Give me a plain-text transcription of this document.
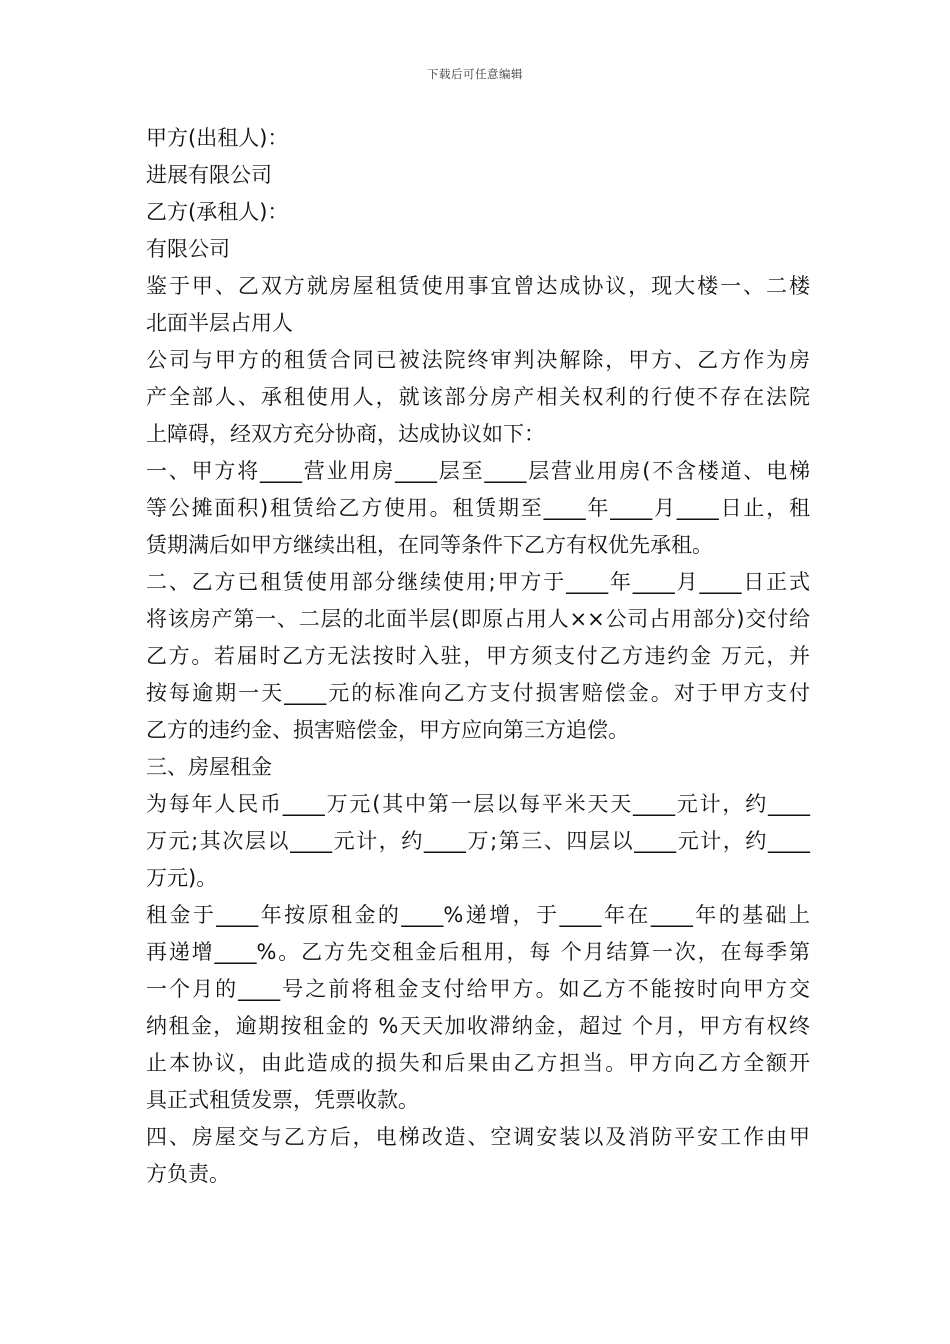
下载后可任意编辑
甲方(出租人)：
进展有限公司
乙方(承租人)：
有限公司
鉴于甲、乙双方就房屋租赁使用事宜曾达成协议，现大楼一、二楼
北面半层占用人
公司与甲方的租赁合同已被法院终审判决解除，甲方、乙方作为房
产全部人、承租使用人，就该部分房产相关权利的行使不存在法院
上障碍，经双方充分协商，达成协议如下：
一、甲方将____营业用房____层至____层营业用房(不含楼道、电梯
等公摊面积)租赁给乙方使用。租赁期至____年____月____日止，租
赁期满后如甲方继续出租，在同等条件下乙方有权优先承租。
二、乙方已租赁使用部分继续使用;甲方于____年____月____日正式
将该房产第一、二层的北面半层(即原占用人××公司占用部分)交付给
乙方。若届时乙方无法按时入驻，甲方须支付乙方违约金 万元，并
按每逾期一天____元的标准向乙方支付损害赔偿金。对于甲方支付
乙方的违约金、损害赔偿金，甲方应向第三方追偿。
三、房屋租金
为每年人民币____万元(其中第一层以每平米天天____元计，约____
万元;其次层以____元计，约____万;第三、四层以____元计，约____
万元)。
租金于____年按原租金的____%递增，于____年在____年的基础上
再递增____%。乙方先交租金后租用，每 个月结算一次，在每季第
一个月的____号之前将租金支付给甲方。如乙方不能按时向甲方交
纳租金，逾期按租金的 %天天加收滞纳金，超过 个月，甲方有权终
止本协议，由此造成的损失和后果由乙方担当。甲方向乙方全额开
具正式租赁发票，凭票收款。
四、房屋交与乙方后，电梯改造、空调安装以及消防平安工作由甲
方负责。
